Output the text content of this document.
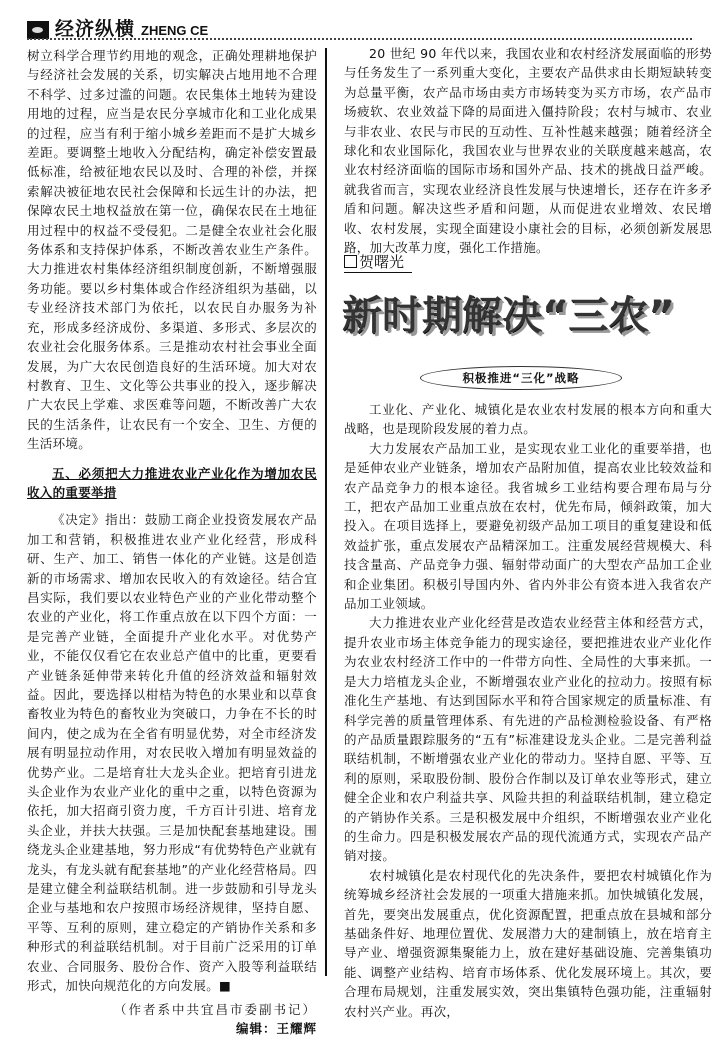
经济纵横 ZHENG CE

树立科学合理节约用地的观念，正确处理耕地保护与经济社会发展的关系，切实解决占地用地不合理不科学、过多过滥的问题。农民集体土地转为建设用地的过程，应当是农民分享城市化和工业化成果的过程，应当有利于缩小城乡差距而不是扩大城乡差距。要调整土地收入分配结构，确定补偿安置最低标准，给被征地农民以及时、合理的补偿，并探索解决被征地农民社会保障和长远生计的办法，把保障农民土地权益放在第一位，确保农民在土地征用过程中的权益不受侵犯。二是健全农业社会化服务体系和支持保护体系，不断改善农业生产条件。大力推进农村集体经济组织制度创新，不断增强服务功能。要以乡村集体或合作经济组织为基础，以专业经济技术部门为依托，以农民自办服务为补充，形成多经济成份、多渠道、多形式、多层次的农业社会化服务体系。三是推动农村社会事业全面发展，为广大农民创造良好的生活环境。加大对农村教育、卫生、文化等公共事业的投入，逐步解决广大农民上学难、求医难等问题，不断改善广大农民的生活条件，让农民有一个安全、卫生、方便的生活环境。

五、必须把大力推进农业产业化作为增加农民收入的重要举措

《决定》指出：鼓励工商企业投资发展农产品加工和营销，积极推进农业产业化经营，形成科研、生产、加工、销售一体化的产业链。这是创造新的市场需求、增加农民收入的有效途径。结合宜昌实际，我们要以农业特色产业的产业化带动整个农业的产业化，将工作重点放在以下四个方面：一是完善产业链，全面提升产业化水平。对优势产业，不能仅仅看它在农业总产值中的比重，更要看产业链条延伸带来转化升值的经济效益和辐射效益。因此，要选择以柑桔为特色的水果业和以草食畜牧业为特色的畜牧业为突破口，力争在不长的时间内，使之成为在全省有明显优势，对全市经济发展有明显拉动作用，对农民收入增加有明显效益的优势产业。二是培育壮大龙头企业。把培育引进龙头企业作为农业产业化的重中之重，以特色资源为依托，加大招商引资力度，千方百计引进、培育龙头企业，并扶大扶强。三是加快配套基地建设。围绕龙头企业建基地，努力形成“有优势特色产业就有龙头，有龙头就有配套基地”的产业化经营格局。四是建立健全利益联结机制。进一步鼓励和引导龙头企业与基地和农户按照市场经济规律，坚持自愿、平等、互利的原则，建立稳定的产销协作关系和多种形式的利益联结机制。对于目前广泛采用的订单农业、合同服务、股份合作、资产入股等利益联结形式，加快向规范化的方向发展。■

（作者系中共宜昌市委副书记）
编辑：王耀辉

20 世纪 90 年代以来，我国农业和农村经济发展面临的形势与任务发生了一系列重大变化，主要农产品供求由长期短缺转变为总量平衡，农产品市场由卖方市场转变为买方市场，农产品市场疲软、农业效益下降的局面进入僵持阶段；农村与城市、农业与非农业、农民与市民的互动性、互补性越来越强；随着经济全球化和农业国际化，我国农业与世界农业的关联度越来越高，农业农村经济面临的国际市场和国外产品、技术的挑战日益严峻。就我省而言，实现农业经济良性发展与快速增长，还存在许多矛盾和问题。解决这些矛盾和问题，从而促进农业增效、农民增收、农村发展，实现全面建设小康社会的目标，必须创新发展思路，加大改革力度，强化工作措施。

贺曙光
新时期解决“三农”
积极推进“三化”战略

工业化、产业化、城镇化是农业农村发展的根本方向和重大战略，也是现阶段发展的着力点。

大力发展农产品加工业，是实现农业工业化的重要举措，也是延伸农业产业链条，增加农产品附加值，提高农业比较效益和农产品竞争力的根本途径。我省城乡工业结构要合理布局与分工，把农产品加工业重点放在农村，优先布局，倾斜政策，加大投入。在项目选择上，要避免初级产品加工项目的重复建设和低效益扩张，重点发展农产品精深加工。注重发展经营规模大、科技含量高、产品竞争力强、辐射带动面广的大型农产品加工企业和企业集团。积极引导国内外、省内外非公有资本进入我省农产品加工业领域。

大力推进农业产业化经营是改造农业经营主体和经营方式，提升农业市场主体竞争能力的现实途径，要把推进农业产业化作为农业农村经济工作中的一件带方向性、全局性的大事来抓。一是大力培植龙头企业，不断增强农业产业化的拉动力。按照有标准化生产基地、有达到国际水平和符合国家规定的质量标准、有科学完善的质量管理体系、有先进的产品检测检验设备、有严格的产品质量跟踪服务的“五有”标准建设龙头企业。二是完善利益联结机制，不断增强农业产业化的带动力。坚持自愿、平等、互利的原则，采取股份制、股份合作制以及订单农业等形式，建立健全企业和农户利益共享、风险共担的利益联结机制，建立稳定的产销协作关系。三是积极发展中介组织，不断增强农业产业化的生命力。四是积极发展农产品的现代流通方式，实现农产品产销对接。

农村城镇化是农村现代化的先决条件，要把农村城镇化作为统筹城乡经济社会发展的一项重大措施来抓。加快城镇化发展，首先，要突出发展重点，优化资源配置，把重点放在县城和部分基础条件好、地理位置优、发展潜力大的建制镇上，放在培育主导产业、增强资源集聚能力上，放在建好基础设施、完善集镇功能、调整产业结构、培育市场体系、优化发展环境上。其次，要合理布局规划，注重发展实效，突出集镇特色强功能，注重辐射农村兴产业。再次，
